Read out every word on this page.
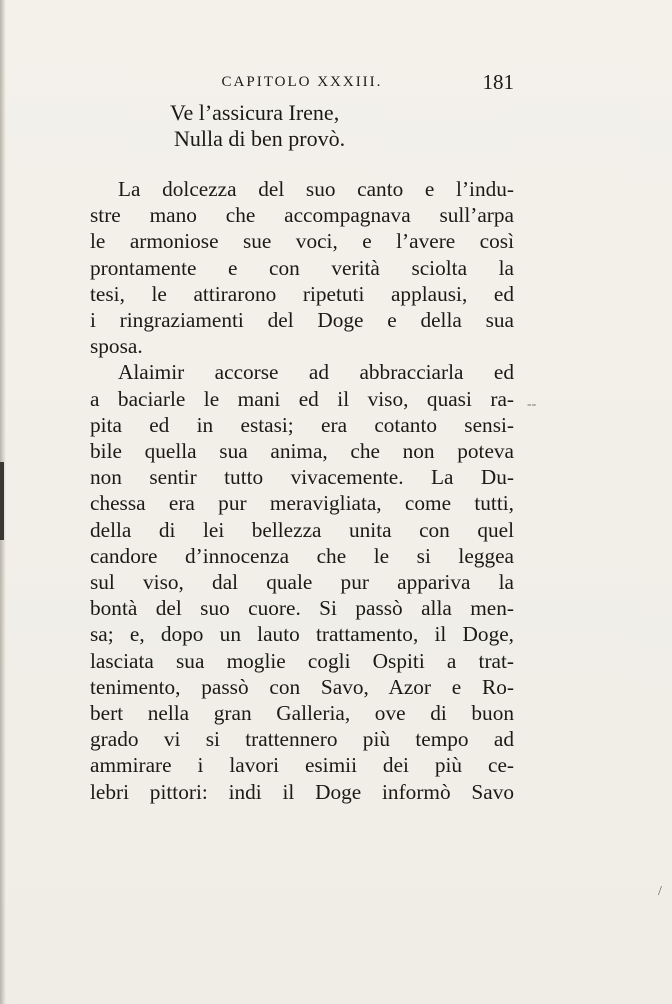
CAPITOLO XXXIII.	181
Ve l’assicura Irene,
Nulla di ben provò.
La dolcezza del suo canto e l’indu-
stre mano che accompagnava sull’arpa
le armoniose sue voci, e l’avere così
prontamente e con verità sciolta la
tesi, le attirarono ripetuti applausi, ed
i ringraziamenti del Doge e della sua
sposa.
Alaimir accorse ad abbracciarla ed
a baciarle le mani ed il viso, quasi ra-
pita ed in estasi; era cotanto sensi-
bile quella sua anima, che non poteva
non sentir tutto vivacemente. La Du-
chessa era pur meravigliata, come tutti,
della di lei bellezza unita con quel
candore d’innocenza che le si leggea
sul viso, dal quale pur appariva la
bontà del suo cuore. Si passò alla men-
sa; e, dopo un lauto trattamento, il Doge,
lasciata sua moglie cogli Ospiti a trat-
tenimento, passò con Savo, Azor e Ro-
bert nella gran Galleria, ove di buon
grado vi si trattennero più tempo ad
ammirare i lavori esimii dei più ce-
lebri pittori: indi il Doge informò Savo
--
/
